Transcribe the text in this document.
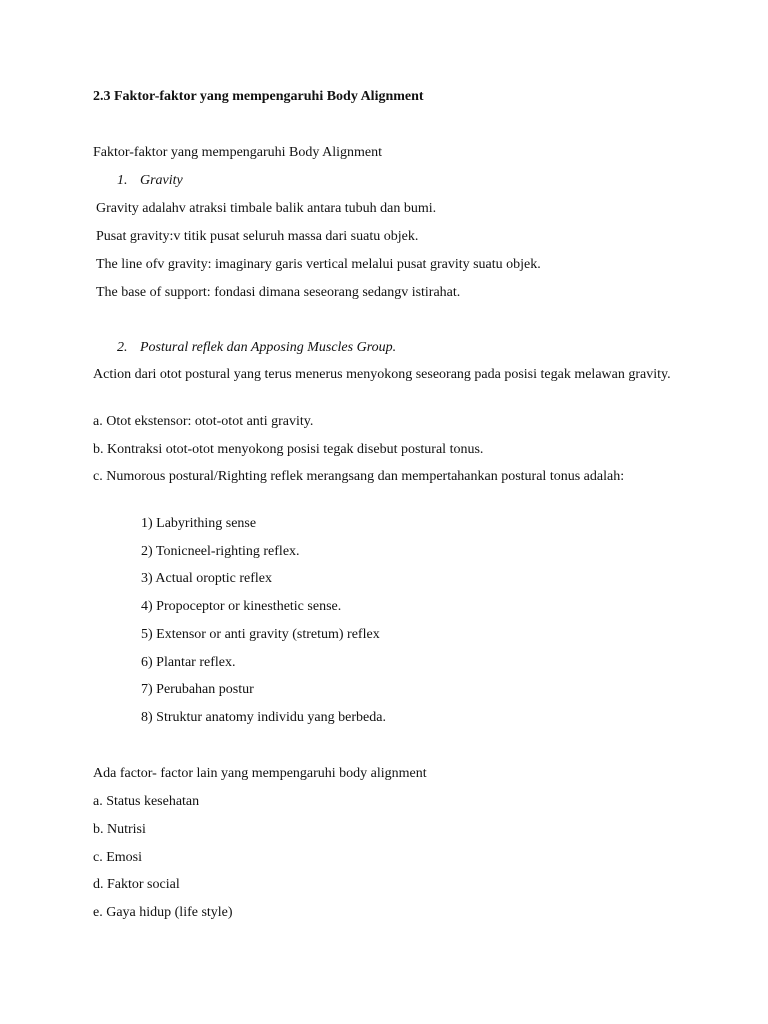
2.3 Faktor-faktor yang mempengaruhi Body Alignment
Faktor-faktor yang mempengaruhi Body Alignment
1. Gravity
Gravity adalahv atraksi timbale balik antara tubuh dan bumi.
Pusat gravity:v titik pusat seluruh massa dari suatu objek.
The line ofv gravity: imaginary garis vertical melalui pusat gravity suatu objek.
The base of support: fondasi dimana seseorang sedangv istirahat.
2. Postural reflek dan Apposing Muscles Group.
Action dari otot postural yang terus menerus menyokong seseorang pada posisi tegak melawan gravity.
a. Otot ekstensor: otot-otot anti gravity.
b. Kontraksi otot-otot menyokong posisi tegak disebut postural tonus.
c. Numorous postural/Righting reflek merangsang dan mempertahankan postural tonus adalah:
1) Labyrithing sense
2) Tonicneel-righting reflex.
3) Actual oroptic reflex
4) Propoceptor or kinesthetic sense.
5) Extensor or anti gravity (stretum) reflex
6) Plantar reflex.
7) Perubahan postur
8) Struktur anatomy individu yang berbeda.
Ada factor- factor lain yang mempengaruhi body alignment
a. Status kesehatan
b. Nutrisi
c. Emosi
d. Faktor social
e. Gaya hidup (life style)
